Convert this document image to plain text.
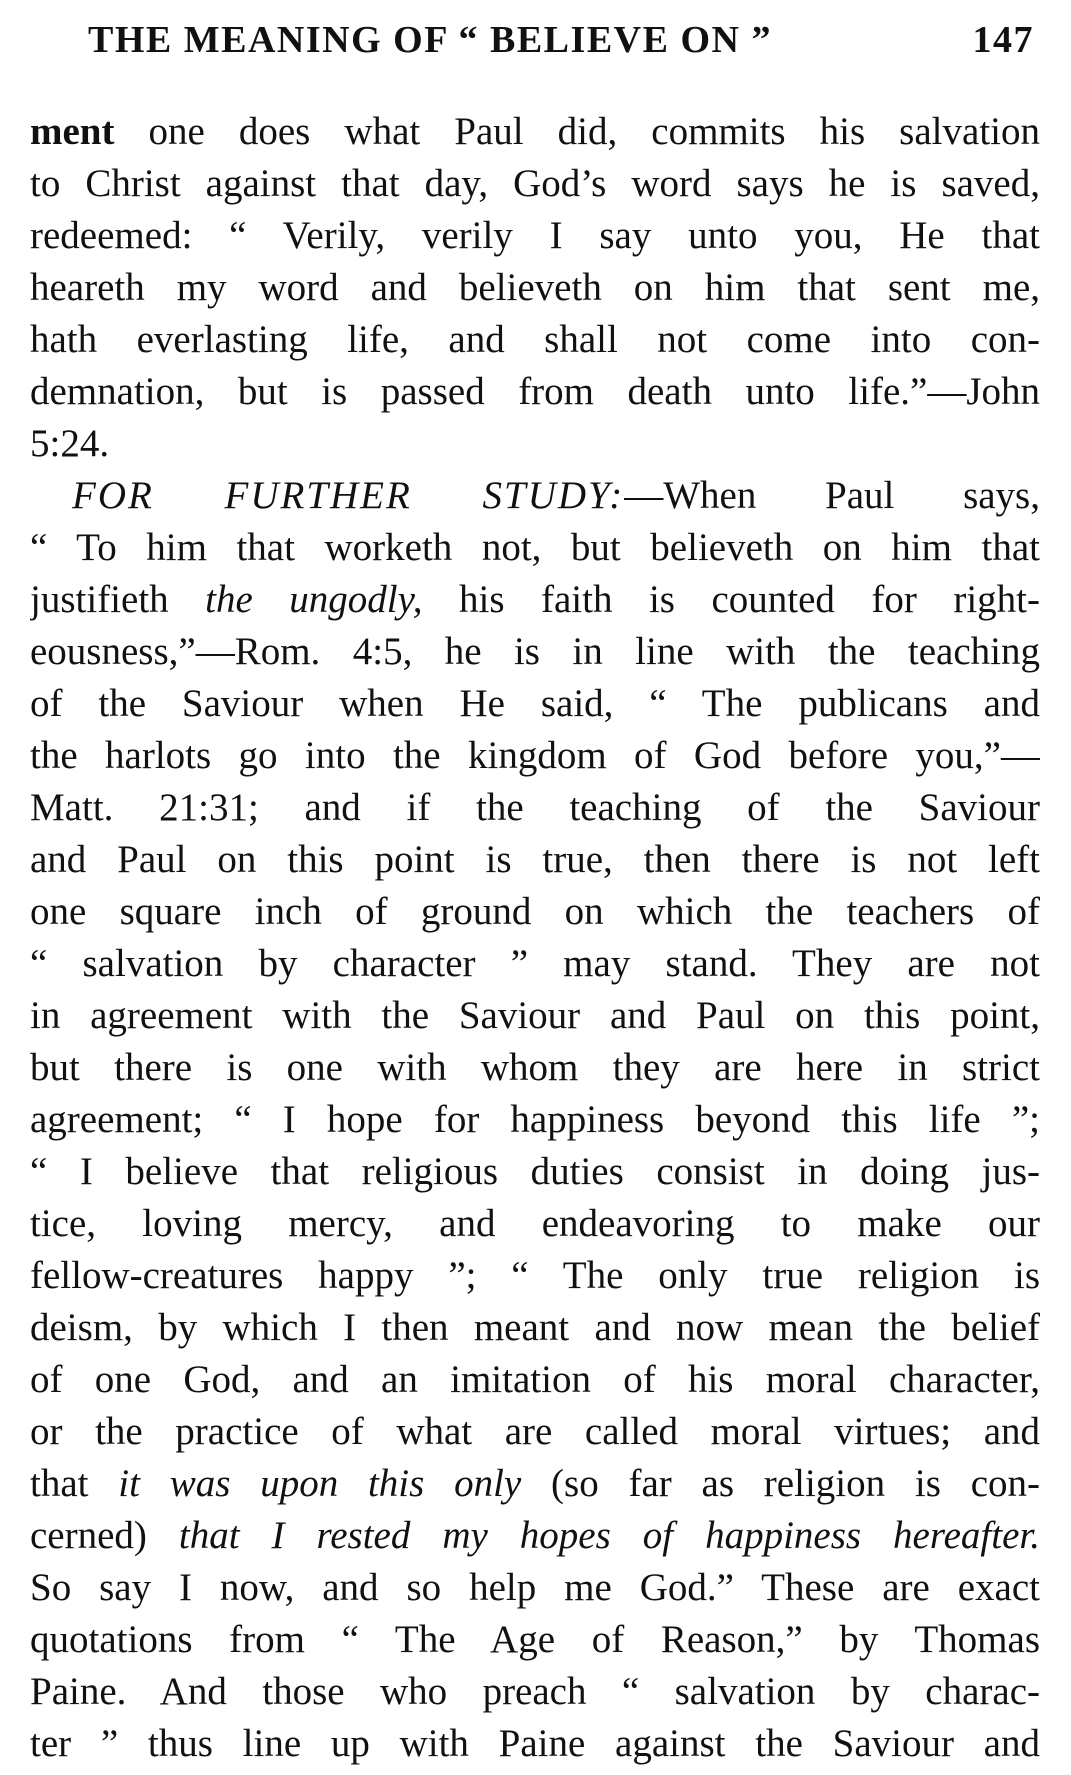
THE MEANING OF “ BELIEVE ON ”	147
ment one does what Paul did, commits his salvation
to Christ against that day, God’s word says he is saved,
redeemed: “ Verily, verily I say unto you, He that
heareth my word and believeth on him that sent me,
hath everlasting life, and shall not come into con-
demnation, but is passed from death unto life.”—John
5:24.
FOR FURTHER STUDY:—When Paul says,
“ To him that worketh not, but believeth on him that
justifieth the ungodly, his faith is counted for right-
eousness,”—Rom. 4:5, he is in line with the teaching
of the Saviour when He said, “ The publicans and
the harlots go into the kingdom of God before you,”—
Matt. 21:31; and if the teaching of the Saviour
and Paul on this point is true, then there is not left
one square inch of ground on which the teachers of
“ salvation by character ” may stand. They are not
in agreement with the Saviour and Paul on this point,
but there is one with whom they are here in strict
agreement; “ I hope for happiness beyond this life ”;
“ I believe that religious duties consist in doing jus-
tice, loving mercy, and endeavoring to make our
fellow-creatures happy ”; “ The only true religion is
deism, by which I then meant and now mean the belief
of one God, and an imitation of his moral character,
or the practice of what are called moral virtues; and
that it was upon this only (so far as religion is con-
cerned) that I rested my hopes of happiness hereafter.
So say I now, and so help me God.” These are exact
quotations from “ The Age of Reason,” by Thomas
Paine. And those who preach “ salvation by charac-
ter ” thus line up with Paine against the Saviour and
